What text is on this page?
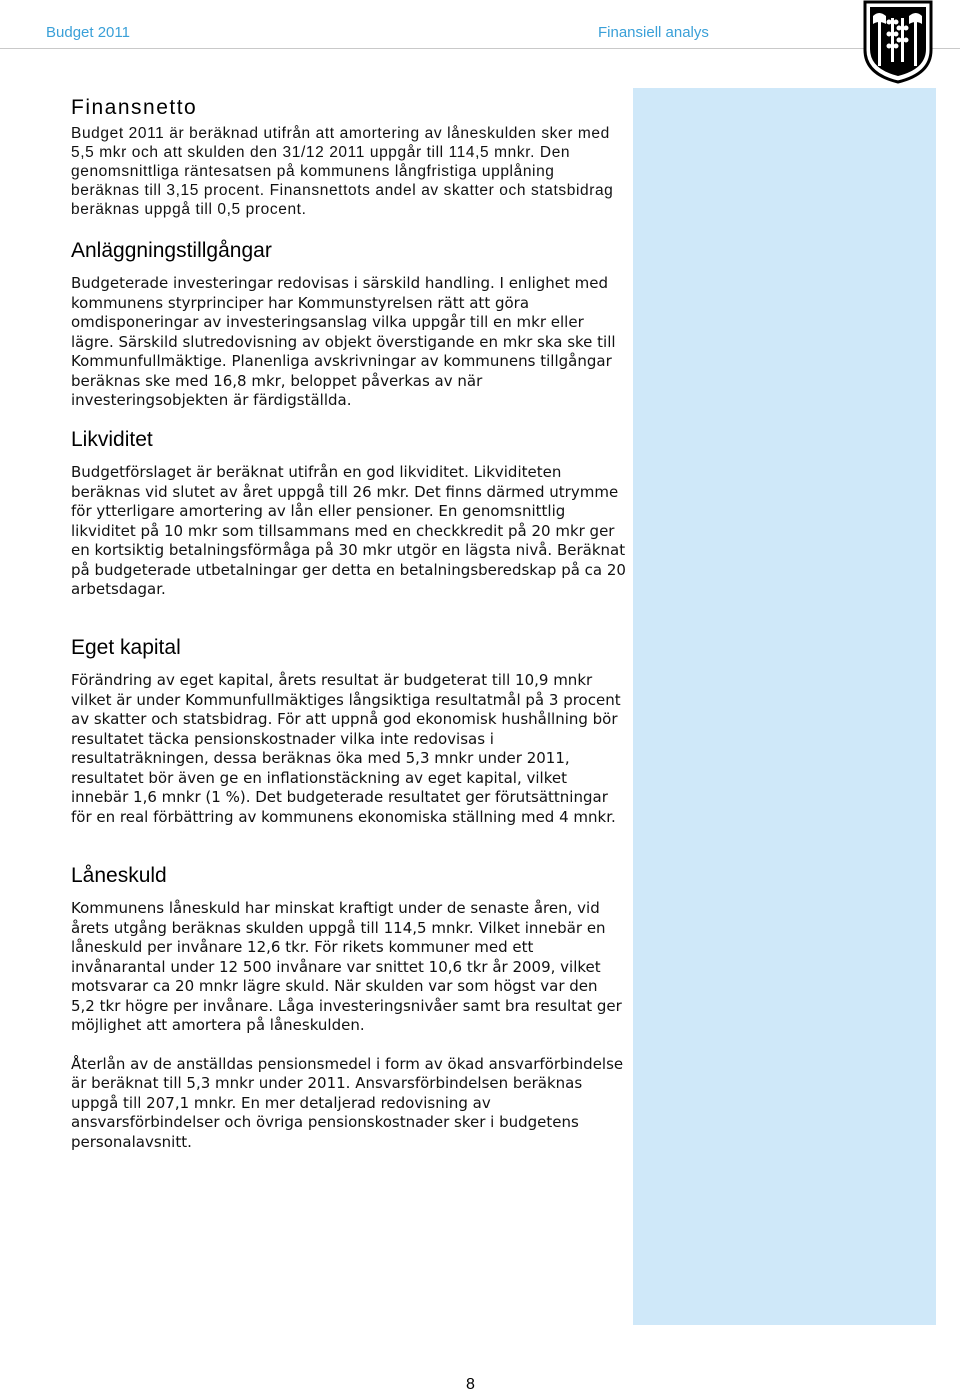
Budget 2011	Finansiell analys
Finansnetto

Budget 2011 är beräknad utifrån att amortering av låneskulden sker med 5,5 mkr och att skulden den 31/12 2011 uppgår till 114,5 mnkr. Den genomsnittliga räntesatsen på kommunens långfristiga upplåning beräknas till 3,15 procent. Finansnettots andel av skatter och statsbidrag beräknas uppgå till 0,5 procent.

Anläggningstillgångar

Budgeterade investeringar redovisas i särskild handling. I enlighet med kommunens styrprinciper har Kommunstyrelsen rätt att göra omdisponeringar av investeringsanslag vilka uppgår till en mkr eller lägre. Särskild slutredovisning av objekt överstigande en mkr ska ske till Kommunfullmäktige. Planenliga avskrivningar av kommunens tillgångar beräknas ske med 16,8 mkr, beloppet påverkas av när investeringsobjekten är färdigställda.

Likviditet

Budgetförslaget är beräknat utifrån en god likviditet. Likviditeten beräknas vid slutet av året uppgå till 26 mkr. Det finns därmed utrymme för ytterligare amortering av lån eller pensioner. En genomsnittlig likviditet på 10 mkr som tillsammans med en checkkredit på 20 mkr ger en kortsiktig betalningsförmåga på 30 mkr utgör en lägsta nivå. Beräknat på budgeterade utbetalningar ger detta en betalningsberedskap på ca 20 arbetsdagar.

Eget kapital

Förändring av eget kapital, årets resultat är budgeterat till 10,9 mnkr vilket är under Kommunfullmäktiges långsiktiga resultatmål på 3 procent av skatter och statsbidrag. För att uppnå god ekonomisk hushållning bör resultatet täcka pensionskostnader vilka inte redovisas i resultaträkningen, dessa beräknas öka med 5,3 mnkr under 2011, resultatet bör även ge en inflationstäckning av eget kapital, vilket innebär 1,6 mnkr (1 %). Det budgeterade resultatet ger förutsättningar för en real förbättring av kommunens ekonomiska ställning med 4 mnkr.

Låneskuld

Kommunens låneskuld har minskat kraftigt under de senaste åren, vid årets utgång beräknas skulden uppgå till 114,5 mnkr. Vilket innebär en låneskuld per invånare 12,6 tkr. För rikets kommuner med ett invånarantal under 12 500 invånare var snittet 10,6 tkr år 2009, vilket motsvarar ca 20 mnkr lägre skuld. När skulden var som högst var den 5,2 tkr högre per invånare. Låga investeringsnivåer samt bra resultat ger möjlighet att amortera på låneskulden.

Återlån av de anställdas pensionsmedel i form av ökad ansvarförbindelse är beräknat till 5,3 mnkr under 2011. Ansvarsförbindelsen beräknas uppgå till 207,1 mnkr. En mer detaljerad redovisning av ansvarsförbindelser och övriga pensionskostnader sker i budgetens personalavsnitt.

8
